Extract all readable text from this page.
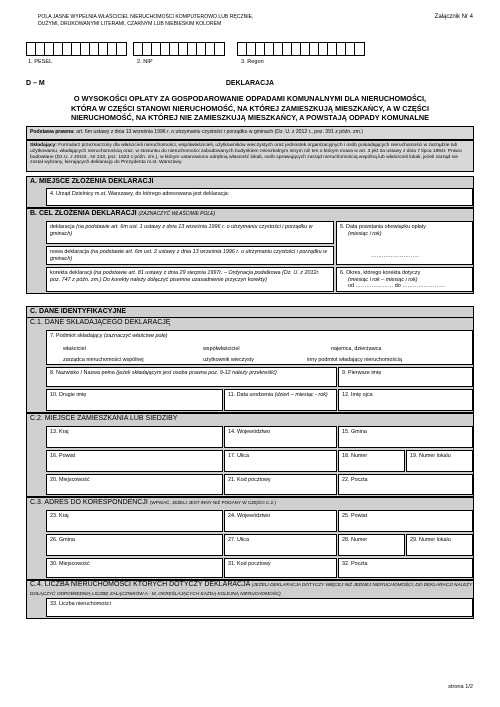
POLA JASNE WYPEŁNIA WŁAŚCICIEL NIERUCHOMOŚCI KOMPUTEROWO LUB RĘCZNIE,
DUŻYMI, DRUKOWANYMI LITERAMI, CZARNYM LUB NIEBIESKIM KOLOREM
Załącznik Nr 4
1. PESEL	2. NIP	3. Regon
DEKLARACJA
D – M
O WYSOKOŚCI OPŁATY ZA GOSPODAROWANIE ODPADAMI KOMUNALNYMI DLA NIERUCHOMOŚCI,
KTÓRA W CZĘŚCI STANOWI NIERUCHOMOŚĆ, NA KTÓREJ ZAMIESZKUJĄ MIESZKAŃCY, A W CZĘŚCI
NIERUCHOMOŚĆ, NA KTÓREJ NIE ZAMIESZKUJĄ MIESZKAŃCY, A POWSTAJĄ ODPADY KOMUNALNE
Podstawa prawna: art. 6m ustawy z dnia 13 września 1996 r. o utrzymaniu czystości i porządku w gminach (Dz. U. z 2012 r., poz. 391 z późn. zm.)
Składający: Formularz przeznaczony dla właścicieli nieruchomości, współwłaścicieli, użytkowników wieczystych oraz jednostek organizacyjnych i osób posiadających nieruchomości w zarządzie lub użytkowaniu, władających nieruchomością oraz, w stosunku do nieruchomości zabudowanych budynkiem mieszkalnym innym niż ten o którym mowa w art. 3 pkt 2a ustawy z dnia 7 lipca 1994r. Prawo budowlane (Dz.U. z 2010r., Nr 243, poz. 1623 z późn. zm.), w którym ustanowiono odrębną własność lokali, osób sprawujących zarząd nieruchomością wspólną lub właścicieli lokali, jeżeli zarząd nie został wybrany, kierujących deklarację do Prezydenta m.st. Warszawy.
A. MIEJSCE ZŁOŻENIA DEKLARACJI
4. Urząd Dzielnicy m.st. Warszawy, do którego adresowana jest deklaracja:
B. CEL ZŁOŻENIA DEKLARACJI (ZAZNACZYĆ WŁAŚCIWE POLE)
deklaracja (na podstawie art. 6m ust. 1 ustawy z dnia 13 września 1996 r. o utrzymaniu czystości i porządku w gminach)
nowa deklaracja (na podstawie art. 6m ust. 2 ustawy z dnia 13 września 1996 r. o utrzymaniu czystości i porządku w gminach)
korekta deklaracji (na podstawie art. 81 ustawy z dnia 29 sierpnia 1997r. – Ordynacja podatkowa (Dz. U. z 2012r. poz. 747 z późn. zm.) Do korekty należy dołączyć pisemne uzasadnienie przyczyn korekty)
5. Data powstania obowiązku opłaty
(miesiąc i rok)
………………………
6. Okres, którego korekta dotyczy
(miesiąc i rok – miesiąc i rok)
od ………………… do ……………………
C. DANE IDENTYFIKACYJNE
C.1. DANE SKŁADAJĄCEGO DEKLARACJĘ
7. Podmiot składający (zaznaczyć właściwe pole)
właściciel	współwłaściciel	najemca, dzierżawca
zarządca nieruchomości wspólnej	użytkownik wieczysty	inny podmiot władający nieruchomością
8. Nazwisko / Nazwa pełna (jeżeli składającym jest osoba prawna poz. 9-12 należy przekreślić)	9. Pierwsze imię
10. Drugie imię	11. Data urodzenia (dzień – miesiąc - rok)	12. Imię ojca
C.2. MIEJSCE ZAMIESZKANIA LUB SIEDZIBY
13. Kraj	14. Województwo	15. Gmina
16. Powiat	17. Ulica	18. Numer	19. Numer lokalu
20. Miejscowość	21. Kod pocztowy	22. Poczta
C.3. ADRES DO KORESPONDENCJI (WPISAĆ, JEŻELI JEST INNY NIŻ PODANY W CZĘŚCI C.2.)
23. Kraj	24. Województwo	25. Powiat
26. Gmina	27. Ulica	28. Numer	29. Numer lokalu
30. Miejscowość	31. Kod pocztowy	32. Poczta
C.4. LICZBA NIERUCHOMOŚCI KTÓRYCH DOTYCZY DEKLARACJA (JEŻELI DEKLARACJA DOTYCZY WIĘCEJ NIŻ JEDNEJ NIERUCHOMOŚCI, DO DEKLARACJI NALEŻY DOŁĄCZYĆ ODPOWIEDNIĄ LICZBĘ ZAŁĄCZNIKÓW A - M, OKREŚLAJĄCYCH KAŻDĄ KOLEJNĄ NIERUCHOMOŚĆ)
33. Liczba nieruchomości
strona 1/2
